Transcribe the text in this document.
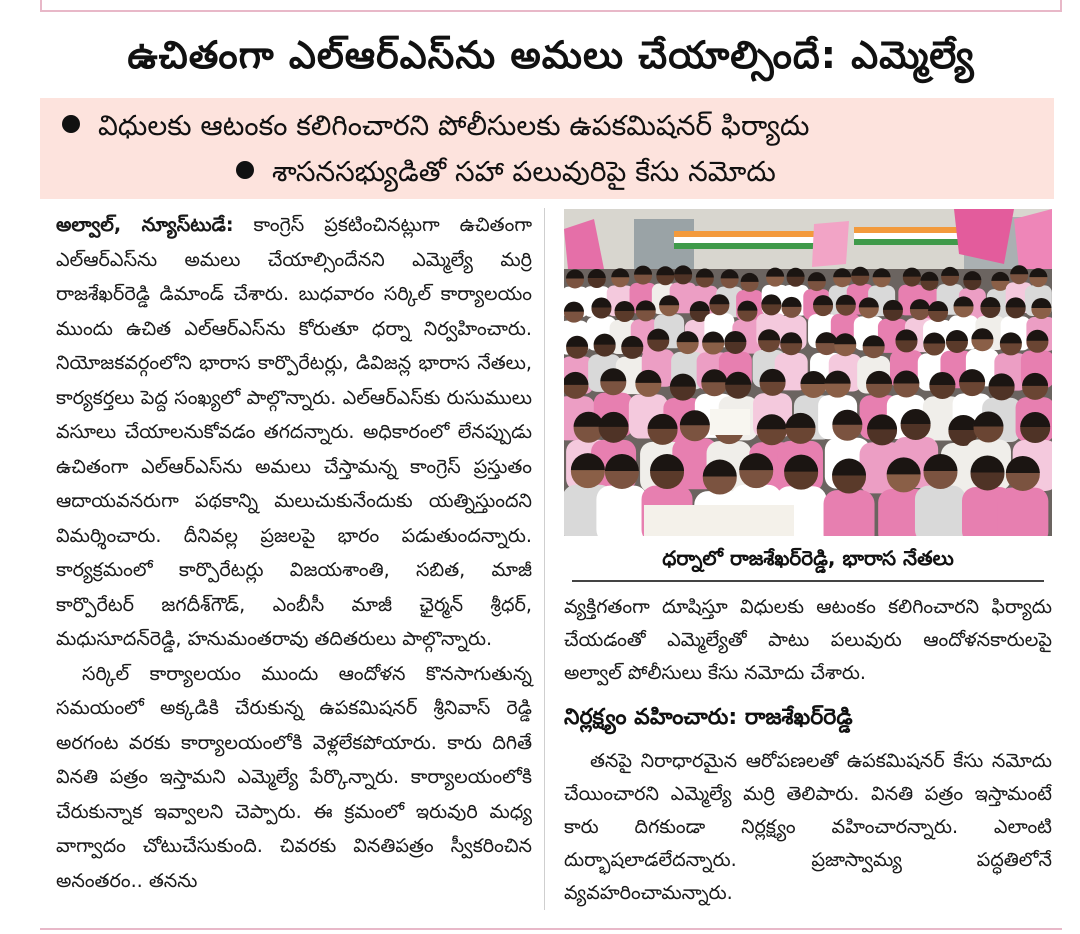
ఉచితంగా ఎల్‌ఆర్‌ఎస్‌ను అమలు చేయాల్సిందే: ఎమ్మెల్యే
విధులకు ఆటంకం కలిగించారని పోలీసులకు ఉపకమిషనర్ ఫిర్యాదు
శాసనసభ్యుడితో సహా పలువురిపై కేసు నమోదు

అల్వాల్, న్యూస్‌టుడే: కాంగ్రెస్ ప్రకటించినట్లుగా ఉచితంగా ఎల్‌ఆర్‌ఎస్‌ను అమలు చేయాల్సిందేనని ఎమ్మెల్యే మర్రి రాజశేఖర్‌రెడ్డి డిమాండ్ చేశారు. బుధవారం సర్కిల్ కార్యాలయం ముందు ఉచిత ఎల్‌ఆర్‌ఎస్‌ను కోరుతూ ధర్నా నిర్వహించారు. నియోజకవర్గంలోని భారాస కార్పొరేటర్లు, డివిజన్ల భారాస నేతలు, కార్యకర్తలు పెద్ద సంఖ్యలో పాల్గొన్నారు. ఎల్‌ఆర్‌ఎస్‌కు రుసుములు వసూలు చేయాలనుకోవడం తగదన్నారు. అధికారంలో లేనప్పుడు ఉచితంగా ఎల్‌ఆర్‌ఎస్‌ను అమలు చేస్తామన్న కాంగ్రెస్ ప్రస్తుతం ఆదాయవనరుగా పథకాన్ని మలుచుకునేందుకు యత్నిస్తుందని విమర్శించారు. దీనివల్ల ప్రజలపై భారం పడుతుందన్నారు. కార్యక్రమంలో కార్పొరేటర్లు విజయశాంతి, సబిత, మాజీ కార్పొరేటర్ జగదీశ్‌గౌడ్, ఎంబీసీ మాజీ ఛైర్మన్ శ్రీధర్, మధుసూదన్‌రెడ్డి, హనుమంతరావు తదితరులు పాల్గొన్నారు.

సర్కిల్ కార్యాలయం ముందు ఆందోళన కొనసాగుతున్న సమయంలో అక్కడికి చేరుకున్న ఉపకమిషనర్ శ్రీనివాస్ రెడ్డి అరగంట వరకు కార్యాలయంలోకి వెళ్లలేకపోయారు. కారు దిగితే వినతి పత్రం ఇస్తామని ఎమ్మెల్యే పేర్కొన్నారు. కార్యాలయంలోకి చేరుకున్నాక ఇవ్వాలని చెప్పారు. ఈ క్రమంలో ఇరువురి మధ్య వాగ్వాదం చోటుచేసుకుంది. చివరకు వినతిపత్రం స్వీకరించిన అనంతరం.. తనను

ధర్నాలో రాజశేఖర్‌రెడ్డి, భారాస నేతలు

వ్యక్తిగతంగా దూషిస్తూ విధులకు ఆటంకం కలిగించారని ఫిర్యాదు చేయడంతో ఎమ్మెల్యేతో పాటు పలువురు ఆందోళనకారులపై అల్వాల్ పోలీసులు కేసు నమోదు చేశారు.

నిర్లక్ష్యం వహించారు: రాజశేఖర్‌రెడ్డి

తనపై నిరాధారమైన ఆరోపణలతో ఉపకమిషనర్ కేసు నమోదు చేయించారని ఎమ్మెల్యే మర్రి తెలిపారు. వినతి పత్రం ఇస్తామంటే కారు దిగకుండా నిర్లక్ష్యం వహించారన్నారు. ఎలాంటి దుర్భాషలాడలేదన్నారు. ప్రజాస్వామ్య పద్ధతిలోనే వ్యవహరించామన్నారు.
